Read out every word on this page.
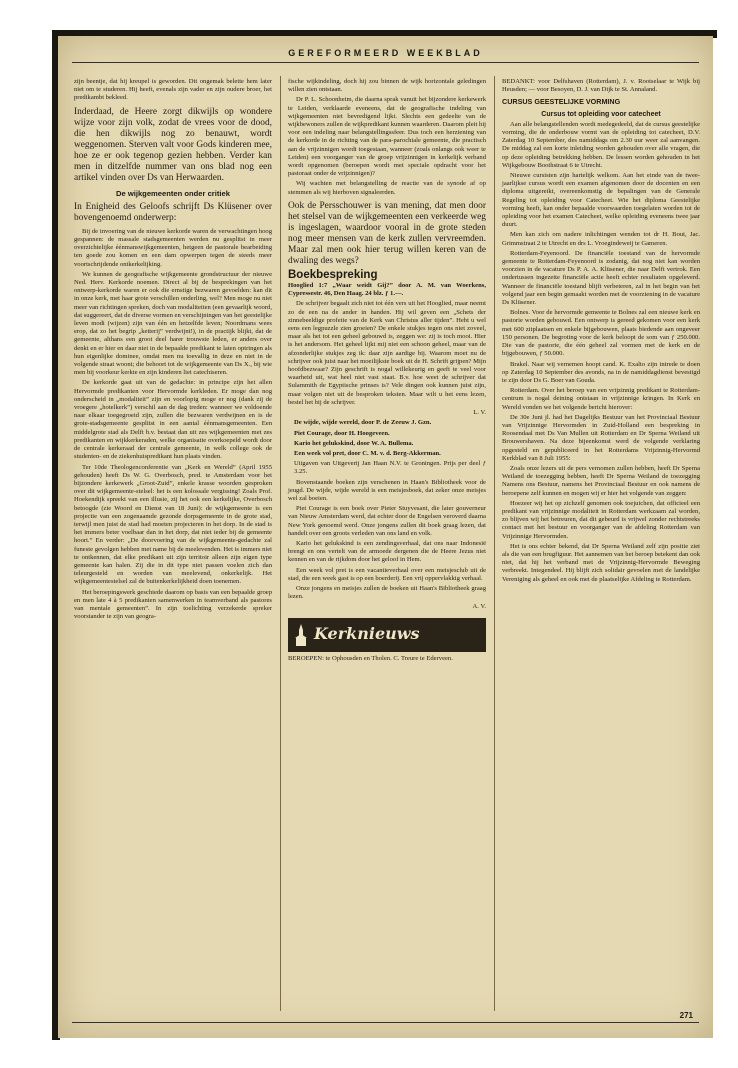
GEREFORMEERD WEEKBLAD

zijn beentje, dat hij kreupel is geworden. Dit ongemak belette hem later niet om te studeren. Hij heeft, evenals zijn vader en zijn oudere broer, het predikambt bekleed.

Inderdaad, de Heere zorgt dikwijls op wondere wijze voor zijn volk, zodat de vrees voor de dood, die hen dikwijls nog zo benauwt, wordt weggenomen. Sterven valt voor Gods kinderen mee, hoe ze er ook tegenop gezien hebben. Verder kan men in ditzelfde nummer van ons blad nog een artikel vinden over Ds van Herwaarden.

De wijkgemeenten onder critiek

In Enigheid des Geloofs schrijft Ds Klüsener over bovengenoemd onderwerp:

Bij de invoering van de nieuwe kerkorde waren de verwachtingen hoog gespannen: de massale stadsgemeenten werden nu gesplitst in meer overzichtelijke éénmanswijkgemeenten, hetgeen de pastorale bearbeiding ten goede zou komen en een dam opwerpen tegen de steeds meer voortschrijdende ontkerkelijking.

We kunnen de geografische wijkgemeente grondstructuur der nieuwe Ned. Herv. Kerkorde noemen. Direct al bij de besprekingen van het ontwerp-kerkorde waren er ook die ernstige bezwaren gevoelden: kan dit in onze kerk, met haar grote verschillen onderling, wel? Men moge nu niet meer van richtingen spreken, doch van modaliteiten (een gevaarlijk woord, dat suggereert, dat de diverse vormen en verschijningen van het geestelijke leven modi (wijzen) zijn van één en hetzelfde leven; Noordmans wees erop, dat zo het begrip „ketterij” verdwijnt!), in de practijk blijkt, dat de gemeente, althans een groot deel harer trouwste leden, er anders over denkt en er hier en daar niet in de bepaalde predikant te laten optringen als hun eigenlijke dominee, omdat men nu toevallig in deze en niet in de volgende straat woont; die behoort tot de wijkgemeente van Ds X., bij wie men bij voorkeur kerkte en zijn kinderen liet catechiseren.

De kerkorde gaat uit van de gedachte: in principe zijn het allen Hervormde predikanten voor Hervormde kerkleden. Er moge dan nog onderscheid in „modaliteit” zijn en voorlopig moge er nog (dank zij de vroegere „hotelkerk”) verschil aan de dag treden: wanneer we voldoende naar elkaar toegegroeid zijn, zullen die bezwaren verdwijnen en is de grote-stadsgemeente gesplitst in een aantal éénmansgemeenten. Een middelgrote stad als Delft b.v. bestaat dan uit zes wijkgemeenten met zes predikanten en wijkkerkeraden, welke organisatie overkoepeld wordt door de centrale kerkeraad der centrale gemeente, in welk college ook de studenten- en de ziekenhuispredikant hun plaats vinden.

Ter 10de Theologenconferentie van „Kerk en Wereld” (April 1955 gehouden) heeft Ds W. G. Overbosch, pred. te Amsterdam voor het bijzondere kerkewerk „Groot-Zuid”, enkele krasse woorden gesproken over dit wijkgemeente-stelsel: het is een kolossale vergissing! Zoals Prof. Hoekendijk spreekt van een illusie, zij het ook een kerkelijke, Overbosch betoogde (zie Woord en Dienst van 18 Juni): de wijkgemeente is een projectie van een zogenaamde gezonde dorpsgemeente in de grote stad, terwijl men juist de stad had moeten projecteren in het dorp. In de stad is het immers beter voelbaar dan in het dorp, dat niet ieder bij de gemeente hoort.” En verder: „De doorvoering van de wijkgemeente-gedachte zal funeste gevolgen hebben met name bij de meelevenden. Het is immers niet te ontkennen, dat elke predikant uit zijn territoir alleen zijn eigen type gemeente kan halen. Zij die in dit type niet passen voelen zich dan teleurgesteld en worden van meelevend, onkerkelijk. Het wijkgemeentestelsel zal de buitenkerkelijkheid doen toenemen.

Het beroepingswerk geschiede daarom op basis van een bepaalde groep en men late 4 à 5 predikanten samenwerken in teamverband als pastores van mentale gemeenten”. In zijn toelichting verzekerde spreker voorstander te zijn van geogra-

fische wijkindeling, doch hij zou binnen de wijk horizontale geledingen willen zien ontstaan.

Dr P. L. Schoonheim, die daarna sprak vanuit het bijzondere kerkewerk te Leiden, verklaarde eveneens, dat de geografische indeling van wijkgemeenten niet bevredigend lijkt. Slechts een gedeelte van de wijkbewoners zullen de wijkpredikant kunnen waarderen. Daarom pleit hij voor een indeling naar belangstellingssfeer. Dus toch een herziening van de kerkorde in de richting van de para-parochiale gemeente, die practisch aan de vrijzinnigen wordt toegestaan, wanneer (zoals onlangs ook weer te Leiden) een voorganger van de groep vrijzinnigen in kerkelijk verband wordt opgenomen (beroepen wordt met speciale opdracht voor het pastoraat onder de vrijzinnigen)?

Wij wachten met belangstelling de reactie van de synode af op stemmen als wij hierboven signaleerden.

Ook de Persschouwer is van mening, dat men door het stelsel van de wijkgemeenten een verkeerde weg is ingeslagen, waardoor vooral in de grote steden nog meer mensen van de kerk zullen vervreemden. Maar zal men ook hier terug willen keren van de dwaling des wegs?

Boekbespreking

Hooglied 1:7 „Waar weidt Gij?” door A. M. van Woerkens, Cypressestr. 46, Den Haag. 24 blz. ƒ 1.—.

De schrijver begaalt zich niet tot één vers uit het Hooglied, maar neemt zo de een na de ander in handen. Hij wil geven een „Schets der zinnebeeldige profetie van de Kerk van Christus aller tijden”. Hebt u wel eens een legpuzzle zien groeien? De enkele stukjes tegen ons niet zoveel, maar als het tot een geheel gebouwd is, zeggen we: zij is toch mooi. Hier is het andersom. Het geheel lijkt mij niet een schoon geheel, maar van de afzonderlijke stukjes zeg ik: daar zijn aardige bij. Waarom moet nu de schrijver ook juist naar het moeilijkste boek uit de H. Schrift grijpen? Mijn hoofdbezwaar? Zijn geschrift is nogal willekeurig en geeft te veel voor waarheid uit, wat heel niet vast staat. B.v. hoe weet de schrijver dat Sulammith de Egyptische prinses is? Vele dingen ook kunnen juist zijn, maar volgen niet uit de besproken teksten. Maar wilt u het eens lezen, bestel het bij de schrijver.

L. V.

De wijde, wijde wereld, door P. de Zeeuw J. Gzn.

Piet Courage, door H. Hoogeveen.

Kario het gelukskind, door W. A. Bullema.

Een week vol pret, door C. M. v. d. Berg-Akkerman.

Uitgaven van Uitgeverij Jan Haan N.V. te Groningen. Prijs per deel ƒ 3.25.

Bovenstaande boeken zijn verschenen in Haan's Bibliotheek voor de jeugd. De wijde, wijde wereld is een meisjesboek, dat zeker onze meisjes wel zal boeien.

Piet Courage is een boek over Pieter Stuyvesant, die later gouverneur van Nieuw Amsterdam werd, dat echter door de Engelsen veroverd daarna New York genoemd werd. Onze jongens zullen dit boek graag lezen, dat handelt over een groots verleden van ons land en volk.

Kario het gelukskind is een zendingsverhaal, dat ons naar Indonesië brengt en ons vertelt van de armoede dergenen die de Heere Jezus niet kennen en van de rijkdom door het geloof in Hem.

Een week vol pret is een vacantieverhaal over een meisjesclub uit de stad, die een week gast is op een boerderij. Een vrij oppervlakkig verhaal.

Onze jongens en meisjes zullen de boeken uit Haan's Bibliotheek graag lezen.

A. V.

Kerknieuws

BEROEPEN: te Ophousden en Tholen. C. Treure te Ederveen.

BEDANKT: voor Delfshaven (Rotterdam), J. v. Rootselaar te Wijk bij Heusden; — voor Besoyen, D. J. van Dijk te St. Annaland.

CURSUS GEESTELIJKE VORMING
Cursus tot opleiding voor catecheet

Aan alle belangstellenden wordt medegedeeld, dat de cursus geestelijke vorming, die de onderbouw vormt van de opleiding tot catecheet, D.V. Zaterdag 10 September, des namiddags om 2.30 uur weer zal aanvangen. De middag zal een korte inleiding worden gehouden over alle vragen, die op deze opleiding betrekking hebben. De lessen worden gehouden in het Wijkgebouw Boothstraat 6 te Utrecht.

Nieuwe cursisten zijn hartelijk welkom. Aan het einde van de twee-jaarlijkse cursus wordt een examen afgenomen door de docenten en een diploma uitgereikt, overeenkomstig de bepalingen van de Generale Regeling tot opleiding voor Catecheet. Wie het diploma Geestelijke vorming heeft, kan onder bepaalde voorwaarden toegelaten worden tot de opleiding voor het examen Catecheet, welke opleiding eveneens twee jaar duurt.

Men kan zich om nadere inlichtingen wenden tot dr H. Bout, Jac. Grimmstraat 2 te Utrecht en drs L. Vroegindeweij te Gameren.

Rotterdam-Feyenoord. De financiële toestand van de hervormde gemeente te Rotterdam-Feyenoord is zodanig, dat nog niet kan worden voorzien in de vacature Ds P. A. A. Klüsener, die naar Delft vertrok. Een ondertussen ingezette financiële actie heeft echter resultaten opgeleverd. Wanneer de financiële toestand blijft verbeteren, zal in het begin van het volgend jaar een begin gemaakt worden met de voorziening in de vacature Ds Klüsener.

Bolnes. Voor de hervormde gemeente te Bolnes zal een nieuwe kerk en pastorie worden gebouwd. Een ontwerp is gereed gekomen voor een kerk met 600 zitplaatsen en enkele bijgebouwen, plaats biedende aan ongeveer 150 personen. De begroting voor de kerk beloopt de som van ƒ 250.000. Die van de pastorie, die één geheel zal vormen met de kerk en de bijgebouwen, ƒ 50.000.

Brakel. Naar wij vernemen hoopt cand. K. Exalto zijn intrede te doen op Zaterdag 10 September des avonds, na in de namiddagdienst bevestigd te zijn door Ds G. Boer van Gouda.

Rotterdam. Over het beroep van een vrijzinnig predikant te Rotterdam-centrum is nogal deining ontstaan in vrijzinnige kringen. In Kerk en Wereld vonden we het volgende bericht hierover:

De 30e Juni jl. had het Dagelijks Bestuur van het Provinciaal Bestuur van Vrijzinnige Hervormden in Zuid-Holland een bespreking in Roosendaal met Ds Van Mullen uit Rotterdam en Dr Sperna Weiland uit Brouwershaven. Na deze bijeenkomst werd de volgende verklaring opgesteld en gepubliceerd in het Rotterdams Vrijzinnig-Hervormd Kerkblad van 8 Juli 1955:

Zoals onze lezers uit de pers vernomen zullen hebben, heeft Dr Sperna Weiland de toezegging hebben, heeft Dr Sperna Weiland de toezegging Namens ons Bestuur, namens het Provinciaal Bestuur en ook namens de beroepene zelf kunnen en mogen wij er hier het volgende van zeggen:

Hoezeer wij het op zichzelf genomen ook toejuichen, dat officieel een predikant van vrijzinnige modaliteit in Rotterdam werkzaam zal worden, zo blijven wij het betreuren, dat dit gebeurd is vrijwel zonder rechtstreeks contact met het bestuur en voorganger van de afdeling Rotterdam van Vrijzinnige Hervormden.

Het is ons echter bekend, dat Dr Sperna Weiland zelf zijn positie ziet als die van een brugfiguur. Het aannemen van het beroep betekent dan ook niet, dat hij het verband met de Vrijzinnig-Hervormde Beweging verbreekt. Integendeel. Hij blijft zich solidair gevoelen met de landelijke Vereniging als geheel en ook met de plaatselijke Afdeling te Rotterdam.

271
